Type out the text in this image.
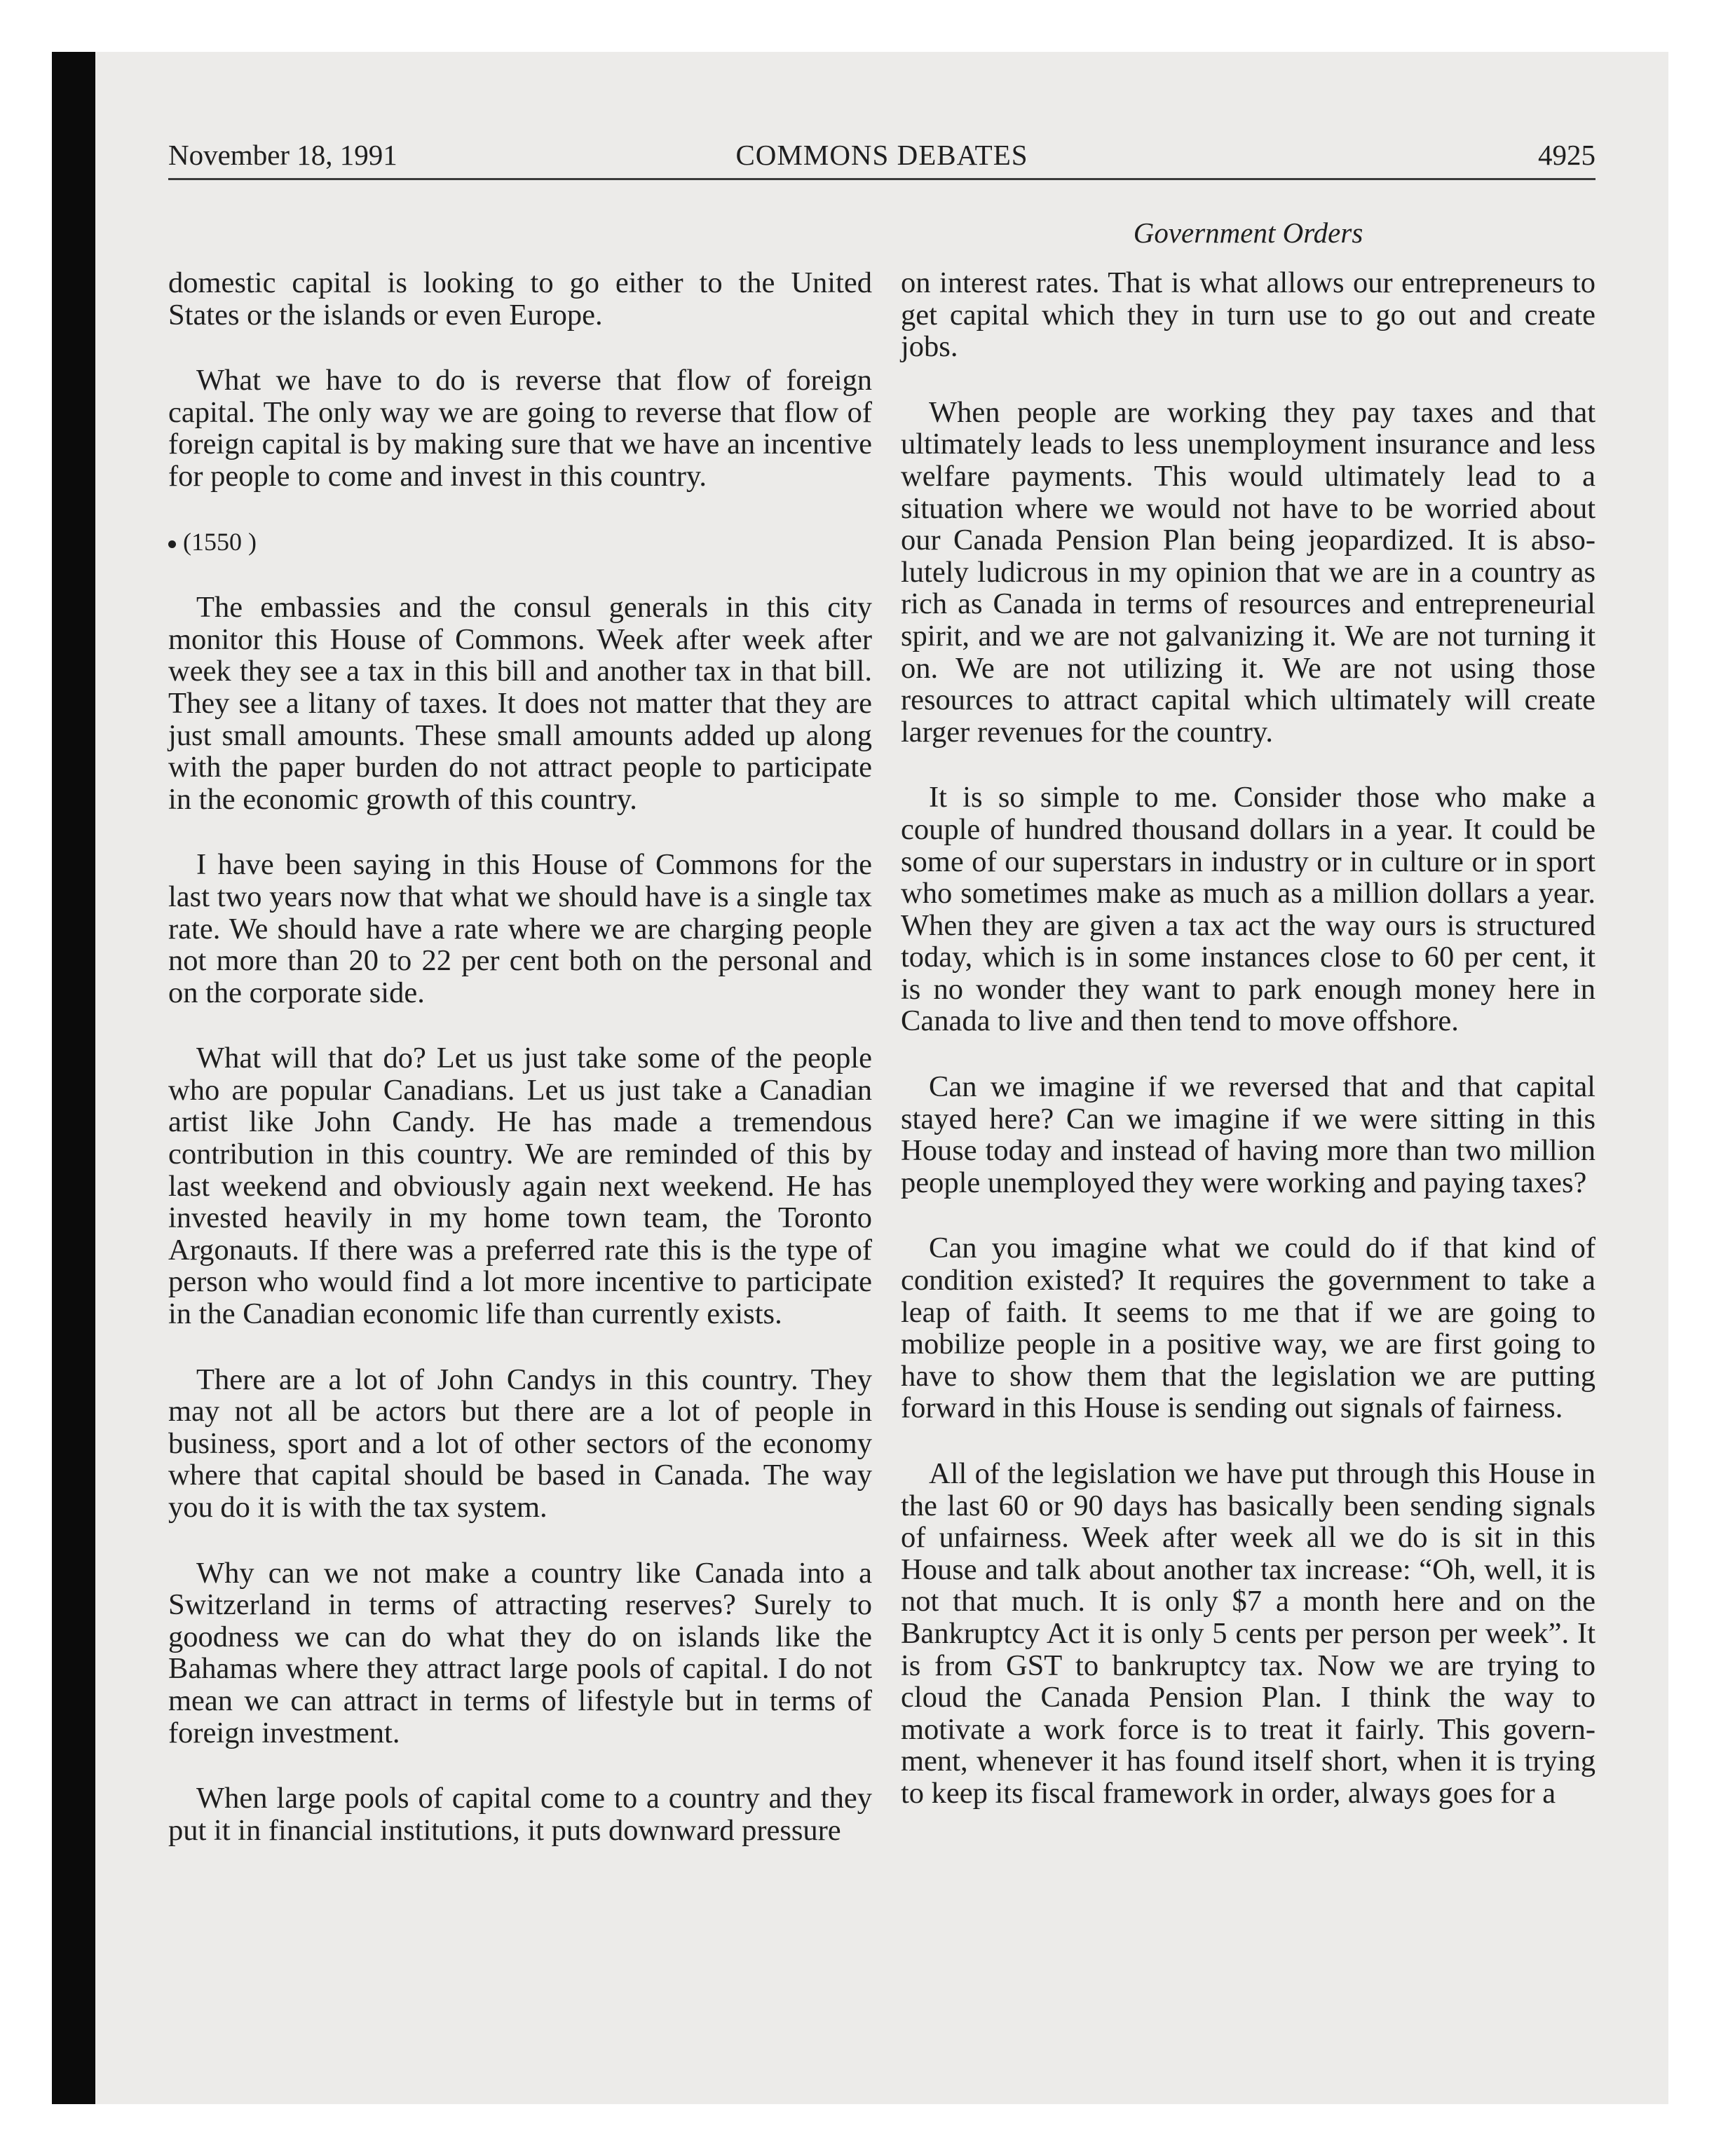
November 18, 1991	COMMONS DEBATES	4925

domestic capital is looking to go either to the United States or the islands or even Europe.

What we have to do is reverse that flow of foreign capital. The only way we are going to reverse that flow of foreign capital is by making sure that we have an incentive for people to come and invest in this country.

(1550 )

The embassies and the consul generals in this city monitor this House of Commons. Week after week after week they see a tax in this bill and another tax in that bill. They see a litany of taxes. It does not matter that they are just small amounts. These small amounts added up along with the paper burden do not attract people to participate in the economic growth of this country.

I have been saying in this House of Commons for the last two years now that what we should have is a single tax rate. We should have a rate where we are charging people not more than 20 to 22 per cent both on the personal and on the corporate side.

What will that do? Let us just take some of the people who are popular Canadians. Let us just take a Canadian artist like John Candy. He has made a tremendous contribution in this country. We are reminded of this by last weekend and obviously again next weekend. He has invested heavily in my home town team, the Toronto Argonauts. If there was a preferred rate this is the type of person who would find a lot more incentive to participate in the Canadian economic life than currently exists.

There are a lot of John Candys in this country. They may not all be actors but there are a lot of people in business, sport and a lot of other sectors of the economy where that capital should be based in Canada. The way you do it is with the tax system.

Why can we not make a country like Canada into a Switzerland in terms of attracting reserves? Surely to goodness we can do what they do on islands like the Bahamas where they attract large pools of capital. I do not mean we can attract in terms of lifestyle but in terms of foreign investment.

When large pools of capital come to a country and they put it in financial institutions, it puts downward pressure

Government Orders

on interest rates. That is what allows our entrepreneurs to get capital which they in turn use to go out and create jobs.

When people are working they pay taxes and that ultimately leads to less unemployment insurance and less welfare payments. This would ultimately lead to a situation where we would not have to be worried about our Canada Pension Plan being jeopardized. It is absolutely ludicrous in my opinion that we are in a country as rich as Canada in terms of resources and entrepreneurial spirit, and we are not galvanizing it. We are not turning it on. We are not utilizing it. We are not using those resources to attract capital which ultimately will create larger revenues for the country.

It is so simple to me. Consider those who make a couple of hundred thousand dollars in a year. It could be some of our superstars in industry or in culture or in sport who sometimes make as much as a million dollars a year. When they are given a tax act the way ours is structured today, which is in some instances close to 60 per cent, it is no wonder they want to park enough money here in Canada to live and then tend to move offshore.

Can we imagine if we reversed that and that capital stayed here? Can we imagine if we were sitting in this House today and instead of having more than two million people unemployed they were working and paying taxes?

Can you imagine what we could do if that kind of condition existed? It requires the government to take a leap of faith. It seems to me that if we are going to mobilize people in a positive way, we are first going to have to show them that the legislation we are putting forward in this House is sending out signals of fairness.

All of the legislation we have put through this House in the last 60 or 90 days has basically been sending signals of unfairness. Week after week all we do is sit in this House and talk about another tax increase: “Oh, well, it is not that much. It is only $7 a month here and on the Bankruptcy Act it is only 5 cents per person per week”. It is from GST to bankruptcy tax. Now we are trying to cloud the Canada Pension Plan. I think the way to motivate a work force is to treat it fairly. This government, whenever it has found itself short, when it is trying to keep its fiscal framework in order, always goes for a
